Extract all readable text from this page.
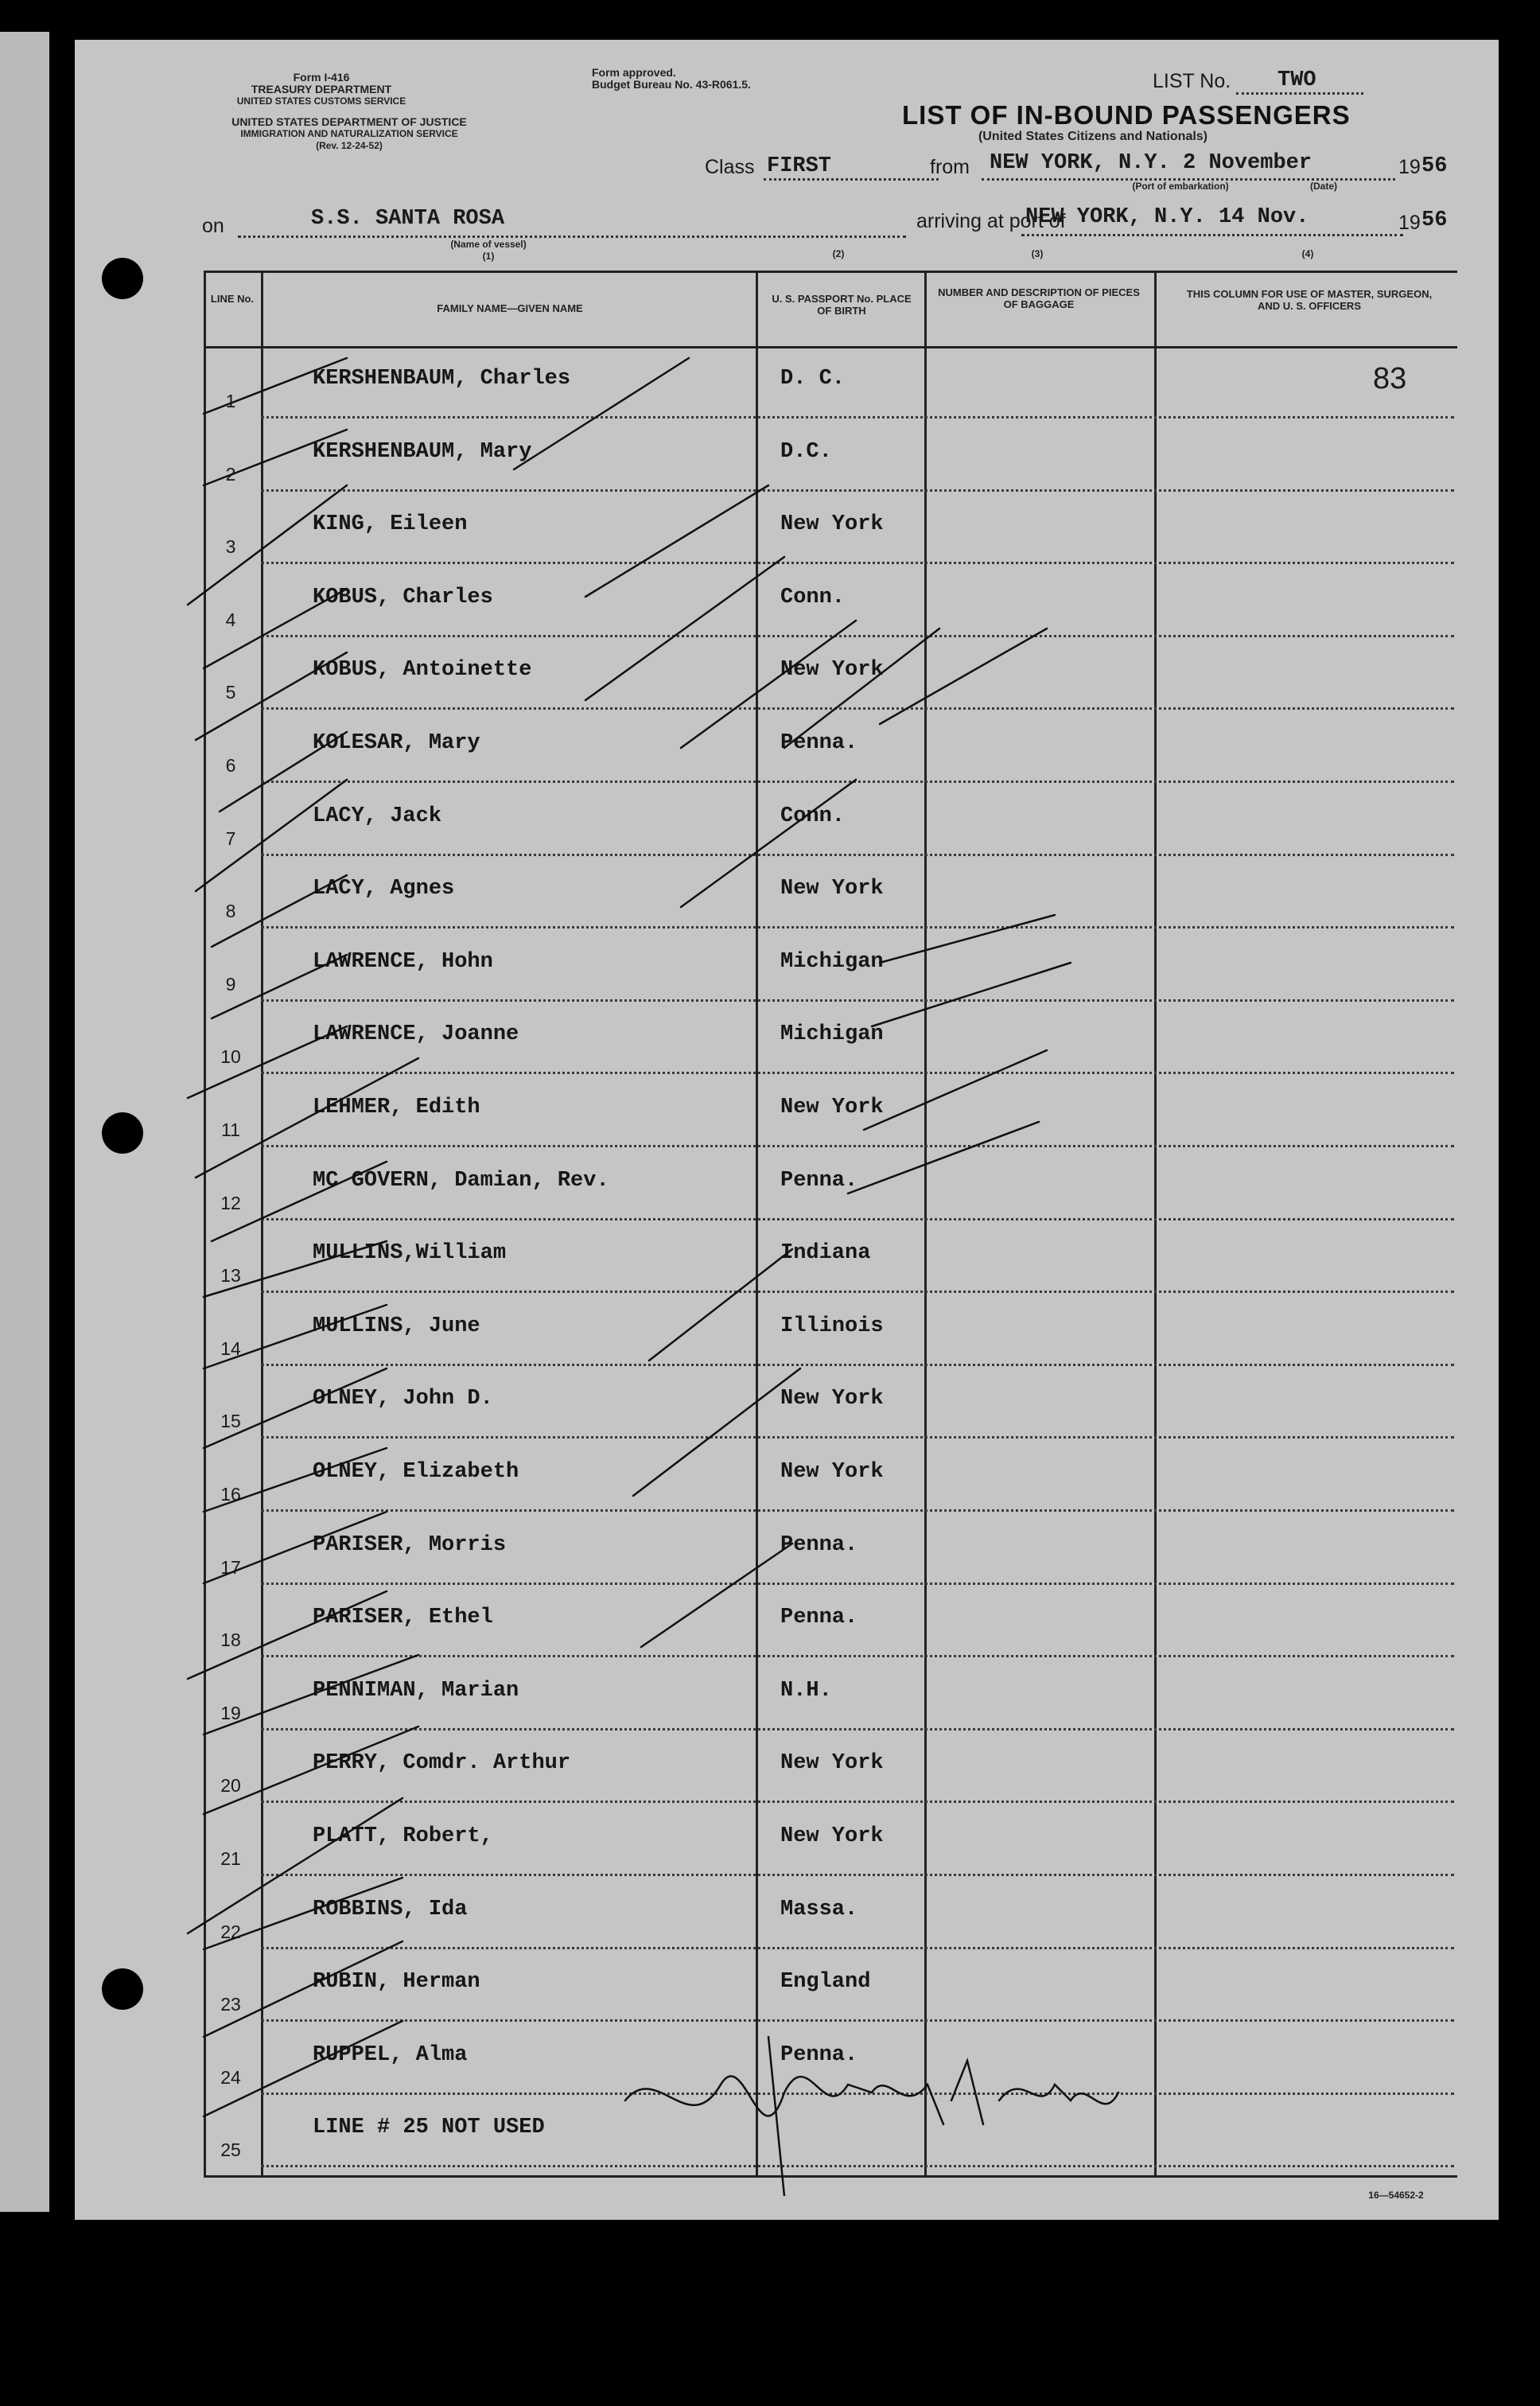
Form I-416
TREASURY DEPARTMENT
UNITED STATES CUSTOMS SERVICE
UNITED STATES DEPARTMENT OF JUSTICE
IMMIGRATION AND NATURALIZATION SERVICE
(Rev. 12-24-52)
Form approved.
Budget Bureau No. 43-R061.5.	LIST No. TWO
LIST OF IN-BOUND PASSENGERS
(United States Citizens and Nationals)
Class FIRST	from NEW YORK, N.Y. 2 November	19 56
(Port of embarkation)	(Date)
on	S.S. SANTA ROSA
(Name of vessel)
(1)
arriving at port of
NEW YORK, N.Y. 14 Nov.	19 56
(2)	(3)	(4)
LINE No.
FAMILY NAME—GIVEN NAME
U. S. PASSPORT No. PLACE OF BIRTH
NUMBER AND DESCRIPTION OF PIECES OF BAGGAGE
THIS COLUMN FOR USE OF MASTER, SURGEON, AND U. S. OFFICERS
1
KERSHENBAUM, Charles	D. C.
2
KERSHENBAUM, Mary	D.C.
3
KING, Eileen	New York
4
KOBUS, Charles	Conn.
5
KOBUS, Antoinette	New York
6
KOLESAR, Mary	Penna.
7
LACY, Jack	Conn.
8
LACY, Agnes	New York
9
LAWRENCE, Hohn	Michigan
10
LAWRENCE, Joanne	Michigan
11
LEHMER, Edith	New York
12
MC GOVERN, Damian, Rev.	Penna.
13
MULLINS,William	Indiana
14
MULLINS, June	Illinois
15
OLNEY, John D.	New York
16
OLNEY, Elizabeth	New York
17
PARISER, Morris	Penna.
18
PARISER, Ethel	Penna.
19
PENNIMAN, Marian	N.H.
20
PERRY, Comdr. Arthur	New York
21
PLATT, Robert,	New York
22
ROBBINS, Ida	Massa.
23
RUBIN, Herman	England
24
RUPPEL, Alma	Penna.
25
LINE # 25 NOT USED
83
16—54652-2
